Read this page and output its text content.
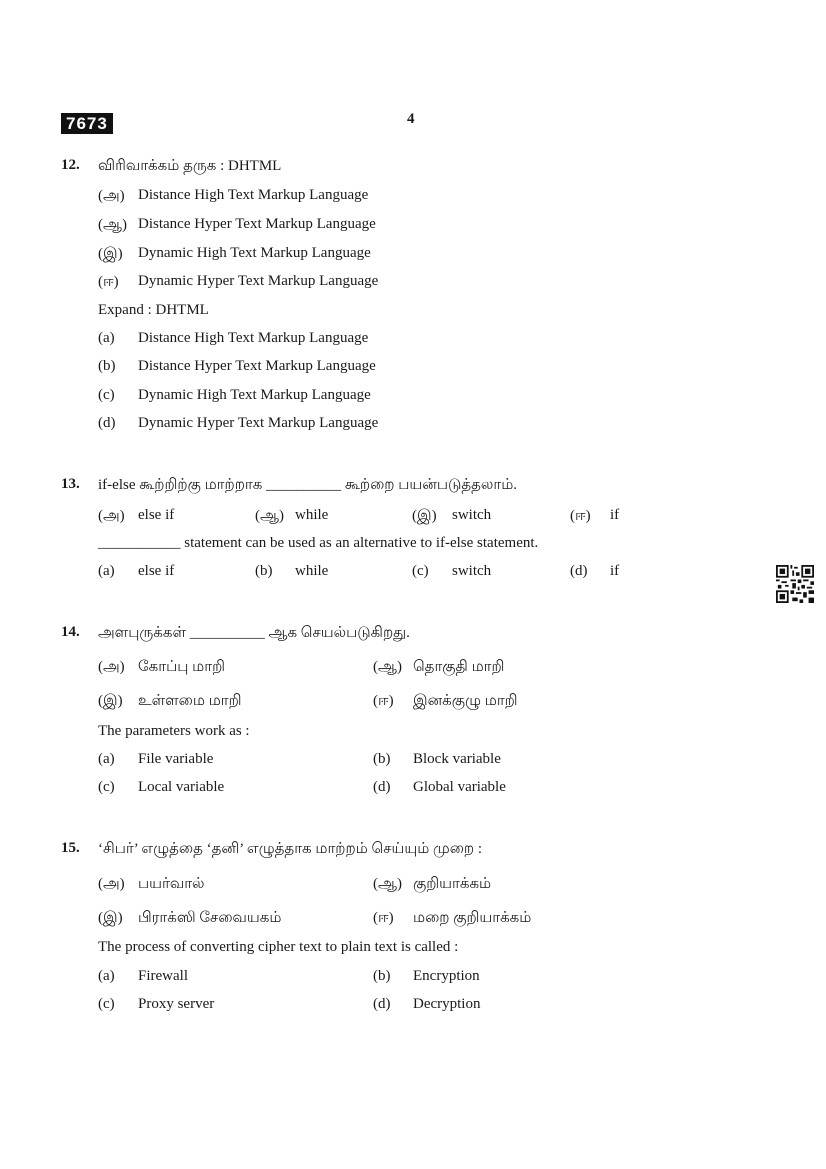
7673	4
12. விரிவாக்கம் தருக : DHTML
(அ) Distance High Text Markup Language
(ஆ) Distance Hyper Text Markup Language
(இ) Dynamic High Text Markup Language
(ஈ) Dynamic Hyper Text Markup Language
Expand : DHTML
(a) Distance High Text Markup Language
(b) Distance Hyper Text Markup Language
(c) Dynamic High Text Markup Language
(d) Dynamic Hyper Text Markup Language
13. if-else கூற்றிற்கு மாற்றாக __________ கூற்றை பயன்படுத்தலாம்.
(அ) else if	(ஆ) while	(இ) switch	(ஈ) if
___________ statement can be used as an alternative to if-else statement.
(a) else if	(b) while	(c) switch	(d) if
14. அளபுருக்கள் __________ ஆக செயல்படுகிறது.
(அ) கோப்பு மாறி	(ஆ) தொகுதி மாறி
(இ) உள்ளமை மாறி	(ஈ) இனக்குழு மாறி
The parameters work as :
(a) File variable	(b) Block variable
(c) Local variable	(d) Global variable
15. ‘சிபர்’ எழுத்தை ‘தனி’ எழுத்தாக மாற்றம் செய்யும் முறை :
(அ) பயர்வால்	(ஆ) குறியாக்கம்
(இ) பிராக்ஸி சேவையகம்	(ஈ) மறை குறியாக்கம்
The process of converting cipher text to plain text is called :
(a) Firewall	(b) Encryption
(c) Proxy server	(d) Decryption
